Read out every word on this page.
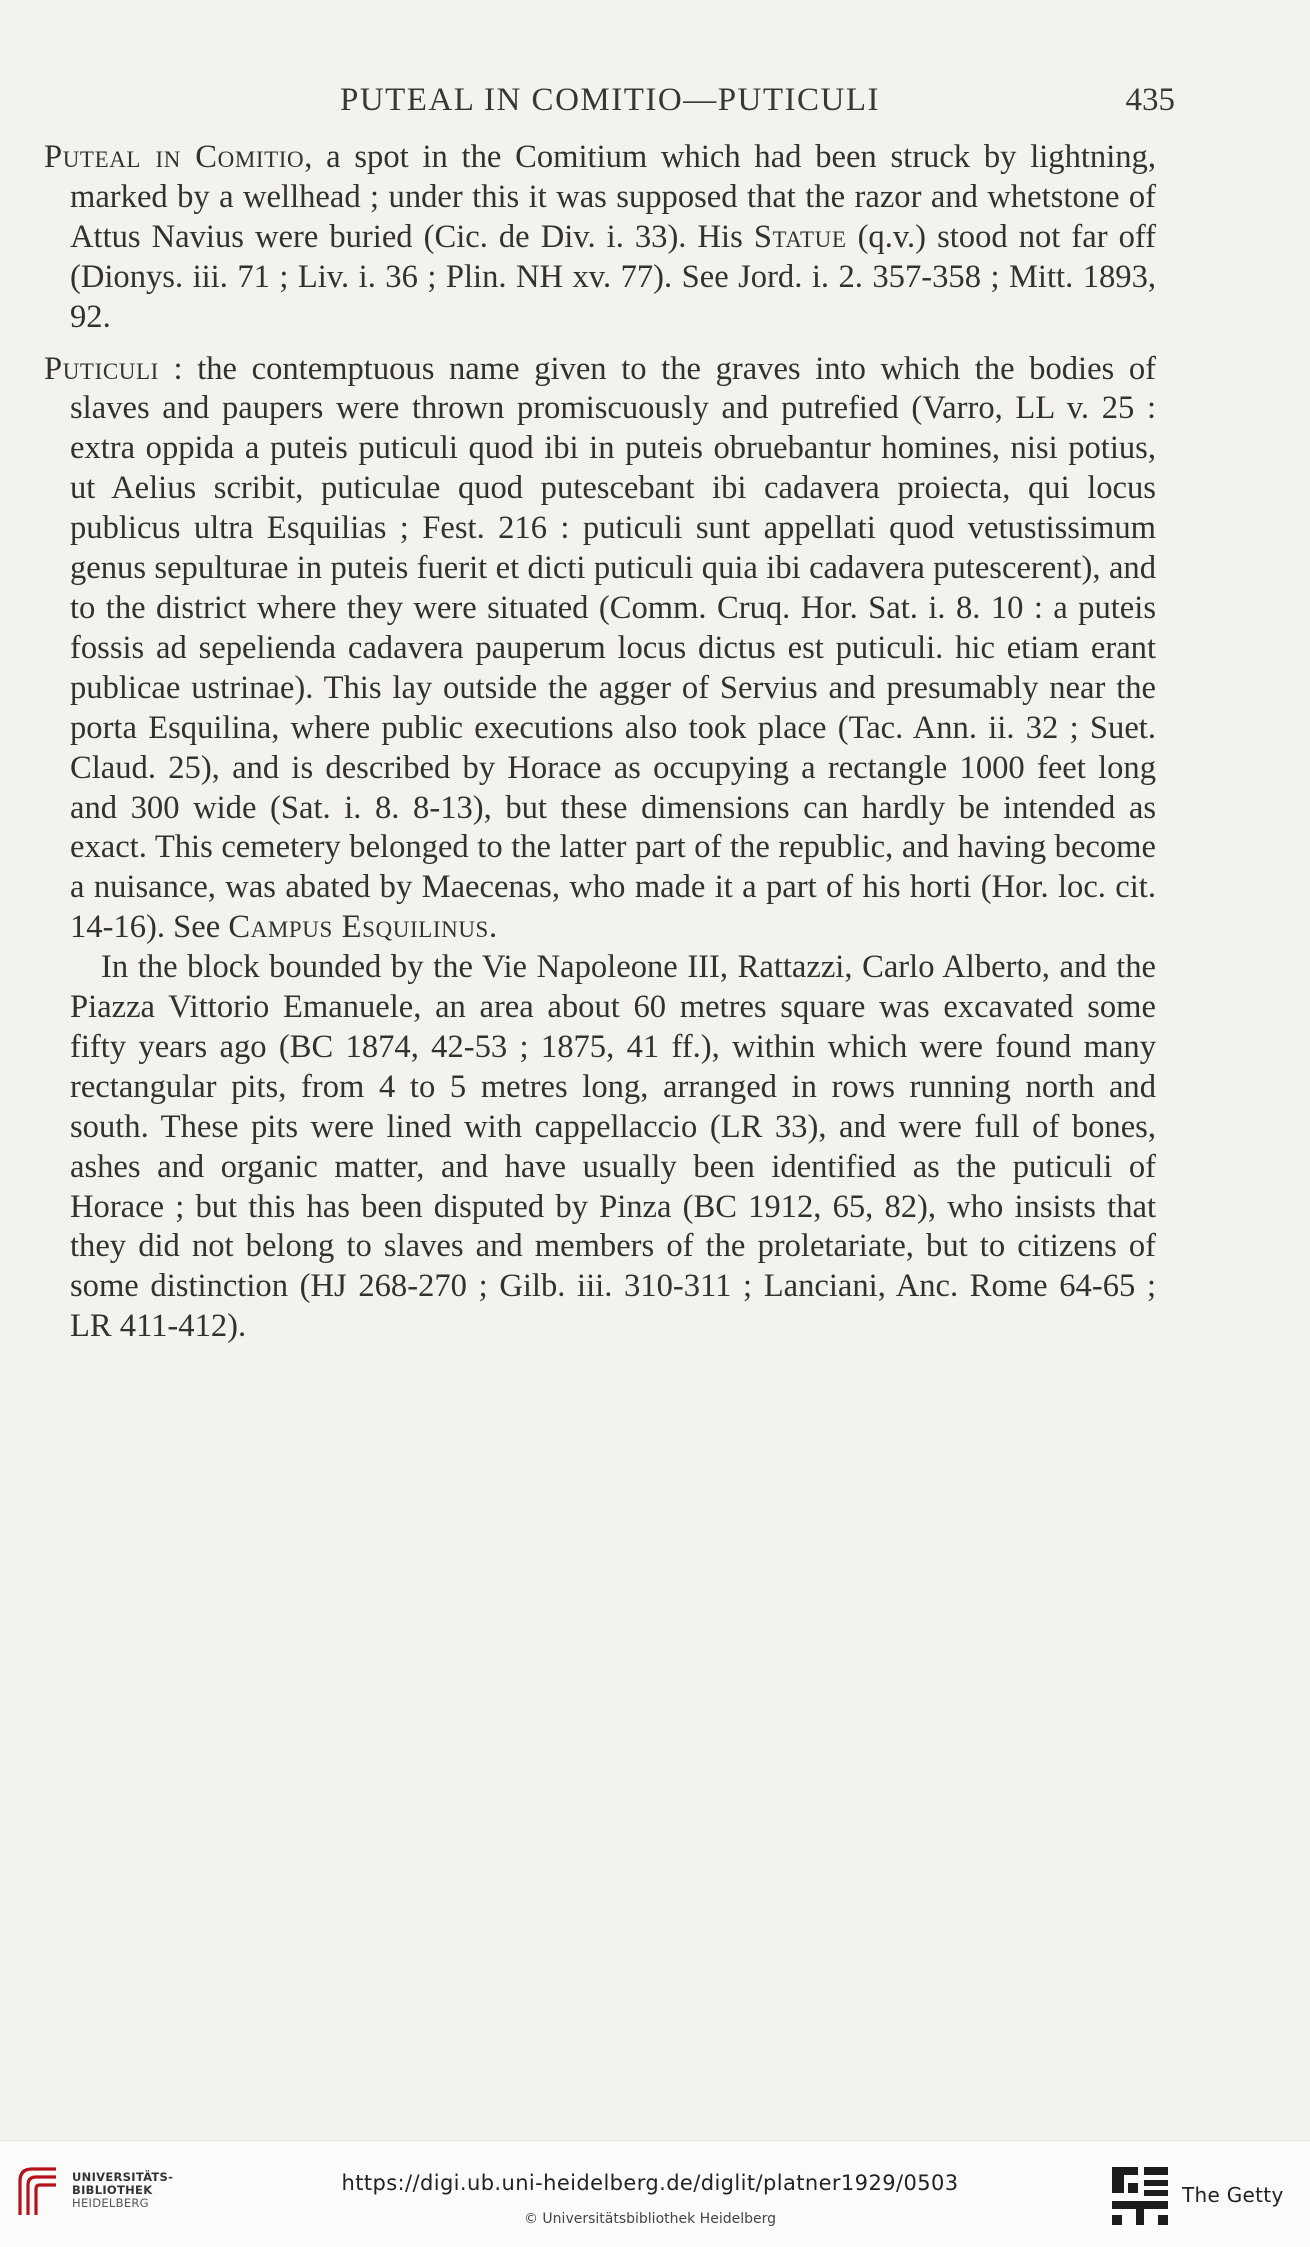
PUTEAL IN COMITIO—PUTICULI	435

Puteal in Comitio, a spot in the Comitium which had been struck by lightning, marked by a wellhead ; under this it was supposed that the razor and whetstone of Attus Navius were buried (Cic. de Div. i. 33). His Statue (q.v.) stood not far off (Dionys. iii. 71 ; Liv. i. 36 ; Plin. NH xv. 77). See Jord. i. 2. 357-358 ; Mitt. 1893, 92.

Puticuli : the contemptuous name given to the graves into which the bodies of slaves and paupers were thrown promiscuously and putrefied (Varro, LL v. 25 : extra oppida a puteis puticuli quod ibi in puteis obruebantur homines, nisi potius, ut Aelius scribit, puticulae quod putescebant ibi cadavera proiecta, qui locus publicus ultra Esquilias ; Fest. 216 : puticuli sunt appellati quod vetustissimum genus sepulturae in puteis fuerit et dicti puticuli quia ibi cadavera putescerent), and to the district where they were situated (Comm. Cruq. Hor. Sat. i. 8. 10 : a puteis fossis ad sepelienda cadavera pauperum locus dictus est puticuli. hic etiam erant publicae ustrinae). This lay outside the agger of Servius and presumably near the porta Esquilina, where public executions also took place (Tac. Ann. ii. 32 ; Suet. Claud. 25), and is described by Horace as occupying a rectangle 1000 feet long and 300 wide (Sat. i. 8. 8-13), but these dimensions can hardly be intended as exact. This cemetery belonged to the latter part of the republic, and having become a nuisance, was abated by Maecenas, who made it a part of his horti (Hor. loc. cit. 14-16). See Campus Esquilinus.

In the block bounded by the Vie Napoleone III, Rattazzi, Carlo Alberto, and the Piazza Vittorio Emanuele, an area about 60 metres square was excavated some fifty years ago (BC 1874, 42-53 ; 1875, 41 ff.), within which were found many rectangular pits, from 4 to 5 metres long, arranged in rows running north and south. These pits were lined with cappellaccio (LR 33), and were full of bones, ashes and organic matter, and have usually been identified as the puticuli of Horace ; but this has been disputed by Pinza (BC 1912, 65, 82), who insists that they did not belong to slaves and members of the proletariate, but to citizens of some distinction (HJ 268-270 ; Gilb. iii. 310-311 ; Lanciani, Anc. Rome 64-65 ; LR 411-412).

UNIVERSITÄTS-
BIBLIOTHEK
HEIDELBERG
https://digi.ub.uni-heidelberg.de/diglit/platner1929/0503
© Universitätsbibliothek Heidelberg
The Getty
